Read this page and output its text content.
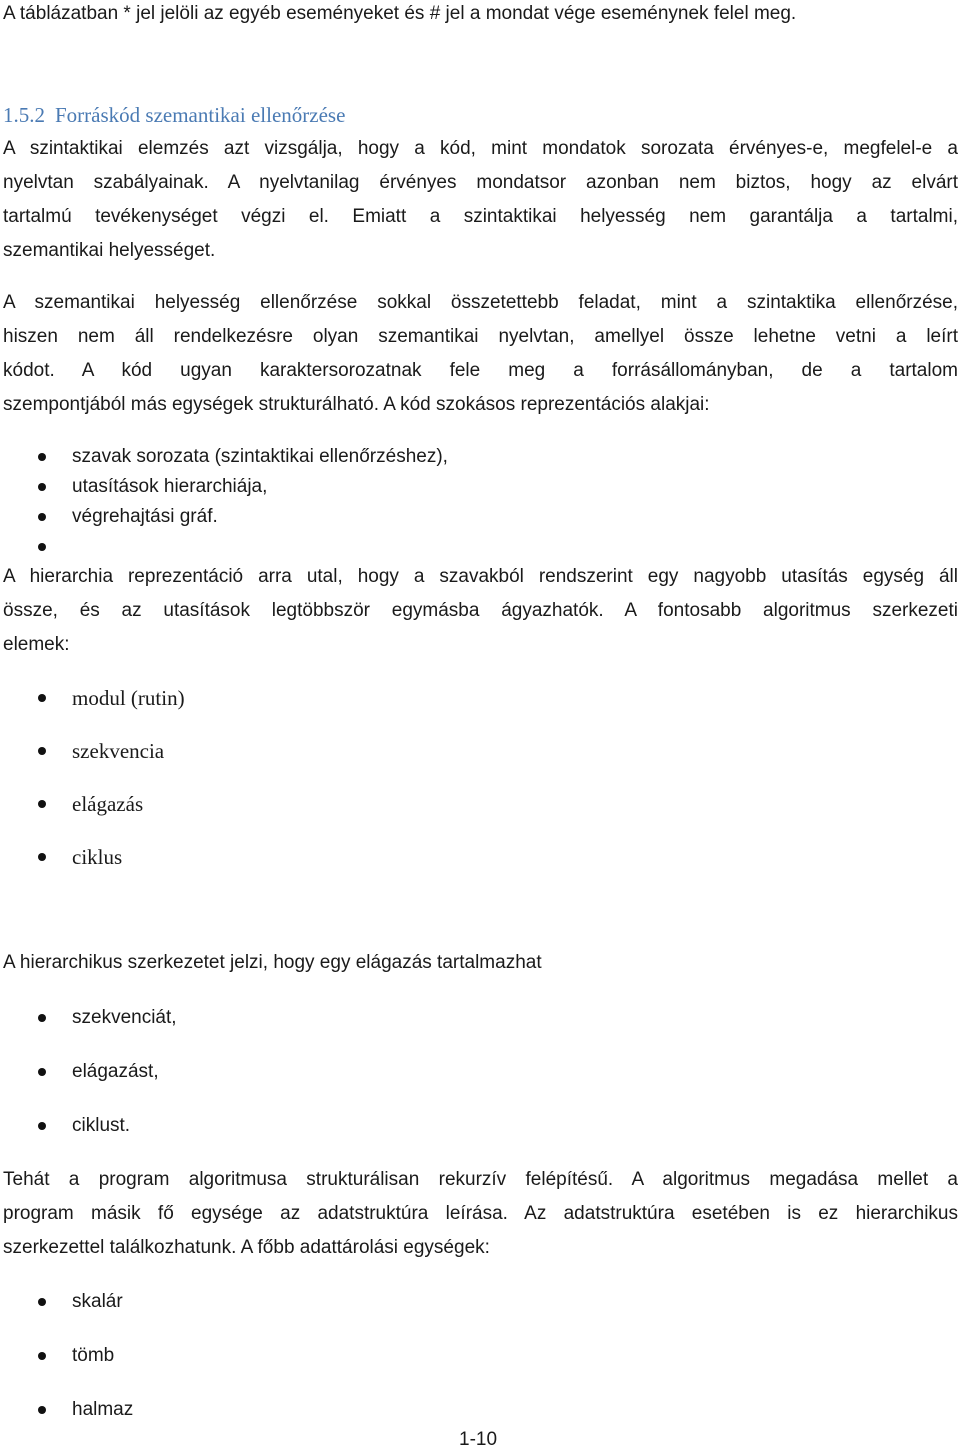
A táblázatban * jel jelöli az egyéb eseményeket és # jel a mondat vége eseménynek felel meg.
1.5.2 Forráskód szemantikai ellenőrzése
A szintaktikai elemzés azt vizsgálja, hogy a kód, mint mondatok sorozata érvényes-e, megfelel-e a
nyelvtan szabályainak. A nyelvtanilag érvényes mondatsor azonban nem biztos, hogy az elvárt
tartalmú tevékenységet végzi el. Emiatt a szintaktikai helyesség nem garantálja a tartalmi,
szemantikai helyességet.
A szemantikai helyesség ellenőrzése sokkal összetettebb feladat, mint a szintaktika ellenőrzése,
hiszen nem áll rendelkezésre olyan szemantikai nyelvtan, amellyel össze lehetne vetni a leírt
kódot. A kód ugyan karaktersorozatnak fele meg a forrásállományban, de a tartalom
szempontjából más egységek strukturálható. A kód szokásos reprezentációs alakjai:
szavak sorozata (szintaktikai ellenőrzéshez),
utasítások hierarchiája,
végrehajtási gráf.
A hierarchia reprezentáció arra utal, hogy a szavakból rendszerint egy nagyobb utasítás egység áll
össze, és az utasítások legtöbbször egymásba ágyazhatók. A fontosabb algoritmus szerkezeti
elemek:
modul (rutin)
szekvencia
elágazás
ciklus
A hierarchikus szerkezetet jelzi, hogy egy elágazás tartalmazhat
szekvenciát,
elágazást,
ciklust.
Tehát a program algoritmusa strukturálisan rekurzív felépítésű. A algoritmus megadása mellet a
program másik fő egysége az adatstruktúra leírása. Az adatstruktúra esetében is ez hierarchikus
szerkezettel találkozhatunk. A főbb adattárolási egységek:
skalár
tömb
halmaz
1-10
